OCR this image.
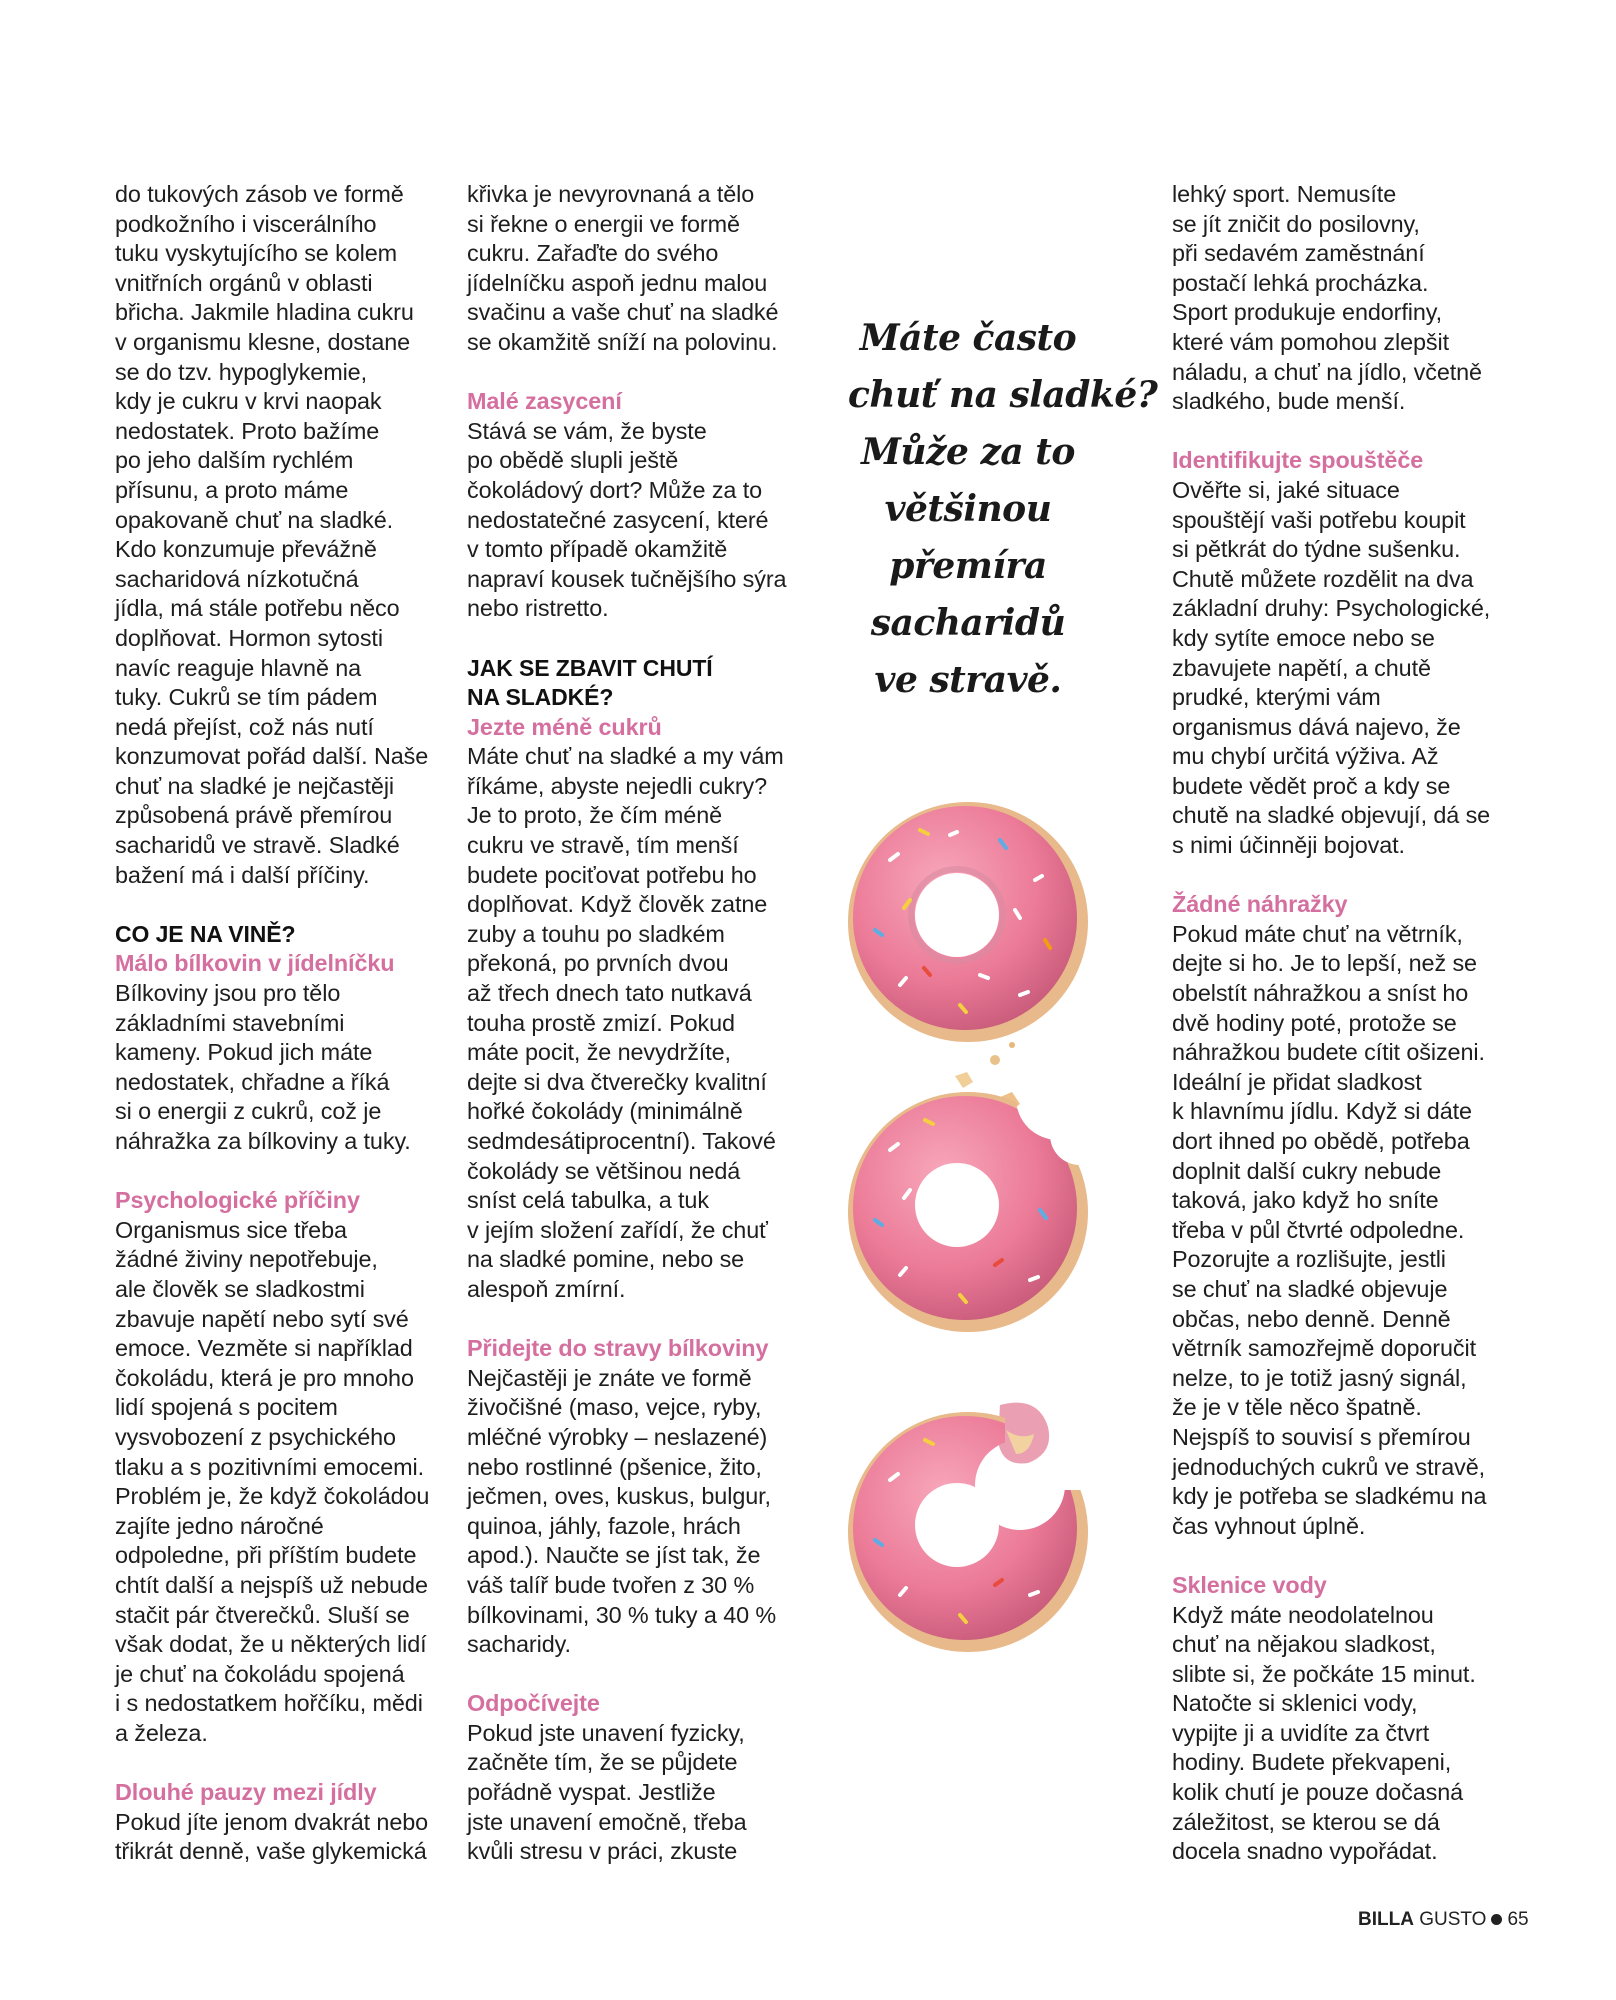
do tukových zásob ve formě
podkožního i viscerálního
tuku vyskytujícího se kolem
vnitřních orgánů v oblasti
břicha. Jakmile hladina cukru
v organismu klesne, dostane
se do tzv. hypoglykemie,
kdy je cukru v krvi naopak
nedostatek. Proto bažíme
po jeho dalším rychlém
přísunu, a proto máme
opakovaně chuť na sladké.
Kdo konzumuje převážně
sacharidová nízkotučná
jídla, má stále potřebu něco
doplňovat. Hormon sytosti
navíc reaguje hlavně na
tuky. Cukrů se tím pádem
nedá přejíst, což nás nutí
konzumovat pořád další. Naše
chuť na sladké je nejčastěji
způsobená právě přemírou
sacharidů ve stravě. Sladké
bažení má i další příčiny.
CO JE NA VINĚ?
Málo bílkovin v jídelníčku
Bílkoviny jsou pro tělo
základními stavebními
kameny. Pokud jich máte
nedostatek, chřadne a říká
si o energii z cukrů, což je
náhražka za bílkoviny a tuky.
Psychologické příčiny
Organismus sice třeba
žádné živiny nepotřebuje,
ale člověk se sladkostmi
zbavuje napětí nebo sytí své
emoce. Vezměte si například
čokoládu, která je pro mnoho
lidí spojená s pocitem
vysvobození z psychického
tlaku a s pozitivními emocemi.
Problém je, že když čokoládou
zajíte jedno náročné
odpoledne, při příštím budete
chtít další a nejspíš už nebude
stačit pár čtverečků. Sluší se
však dodat, že u některých lidí
je chuť na čokoládu spojená
i s nedostatkem hořčíku, mědi
a železa.
Dlouhé pauzy mezi jídly
Pokud jíte jenom dvakrát nebo
třikrát denně, vaše glykemická
křivka je nevyrovnaná a tělo
si řekne o energii ve formě
cukru. Zařaďte do svého
jídelníčku aspoň jednu malou
svačinu a vaše chuť na sladké
se okamžitě sníží na polovinu.
Malé zasycení
Stává se vám, že byste
po obědě slupli ještě
čokoládový dort? Může za to
nedostatečné zasycení, které
v tomto případě okamžitě
napraví kousek tučnějšího sýra
nebo ristretto.
JAK SE ZBAVIT CHUTÍ
NA SLADKÉ?
Jezte méně cukrů
Máte chuť na sladké a my vám
říkáme, abyste nejedli cukry?
Je to proto, že čím méně
cukru ve stravě, tím menší
budete pociťovat potřebu ho
doplňovat. Když člověk zatne
zuby a touhu po sladkém
překoná, po prvních dvou
až třech dnech tato nutkavá
touha prostě zmizí. Pokud
máte pocit, že nevydržíte,
dejte si dva čtverečky kvalitní
hořké čokolády (minimálně
sedmdesátiprocentní). Takové
čokolády se většinou nedá
sníst celá tabulka, a tuk
v jejím složení zařídí, že chuť
na sladké pomine, nebo se
alespoň zmírní.
Přidejte do stravy bílkoviny
Nejčastěji je znáte ve formě
živočišné (maso, vejce, ryby,
mléčné výrobky – neslazené)
nebo rostlinné (pšenice, žito,
ječmen, oves, kuskus, bulgur,
quinoa, jáhly, fazole, hrách
apod.). Naučte se jíst tak, že
váš talíř bude tvořen z 30 %
bílkovinami, 30 % tuky a 40 %
sacharidy.
Odpočívejte
Pokud jste unavení fyzicky,
začněte tím, že se půjdete
pořádně vyspat. Jestliže
jste unavení emočně, třeba
kvůli stresu v práci, zkuste
Máte často
chuť na sladké?
Může za to
většinou
přemíra
sacharidů
ve stravě.
lehký sport. Nemusíte
se jít zničit do posilovny,
při sedavém zaměstnání
postačí lehká procházka.
Sport produkuje endorfiny,
které vám pomohou zlepšit
náladu, a chuť na jídlo, včetně
sladkého, bude menší.
Identifikujte spouštěče
Ověřte si, jaké situace
spouštějí vaši potřebu koupit
si pětkrát do týdne sušenku.
Chutě můžete rozdělit na dva
základní druhy: Psychologické,
kdy sytíte emoce nebo se
zbavujete napětí, a chutě
prudké, kterými vám
organismus dává najevo, že
mu chybí určitá výživa. Až
budete vědět proč a kdy se
chutě na sladké objevují, dá se
s nimi účinněji bojovat.
Žádné náhražky
Pokud máte chuť na větrník,
dejte si ho. Je to lepší, než se
obelstít náhražkou a sníst ho
dvě hodiny poté, protože se
náhražkou budete cítit ošizeni.
Ideální je přidat sladkost
k hlavnímu jídlu. Když si dáte
dort ihned po obědě, potřeba
doplnit další cukry nebude
taková, jako když ho sníte
třeba v půl čtvrté odpoledne.
Pozorujte a rozlišujte, jestli
se chuť na sladké objevuje
občas, nebo denně. Denně
větrník samozřejmě doporučit
nelze, to je totiž jasný signál,
že je v těle něco špatně.
Nejspíš to souvisí s přemírou
jednoduchých cukrů ve stravě,
kdy je potřeba se sladkému na
čas vyhnout úplně.
Sklenice vody
Když máte neodolatelnou
chuť na nějakou sladkost,
slibte si, že počkáte 15 minut.
Natočte si sklenici vody,
vypijte ji a uvidíte za čtvrt
hodiny. Budete překvapeni,
kolik chutí je pouze dočasná
záležitost, se kterou se dá
docela snadno vypořádat.
BILLA GUSTO 65
